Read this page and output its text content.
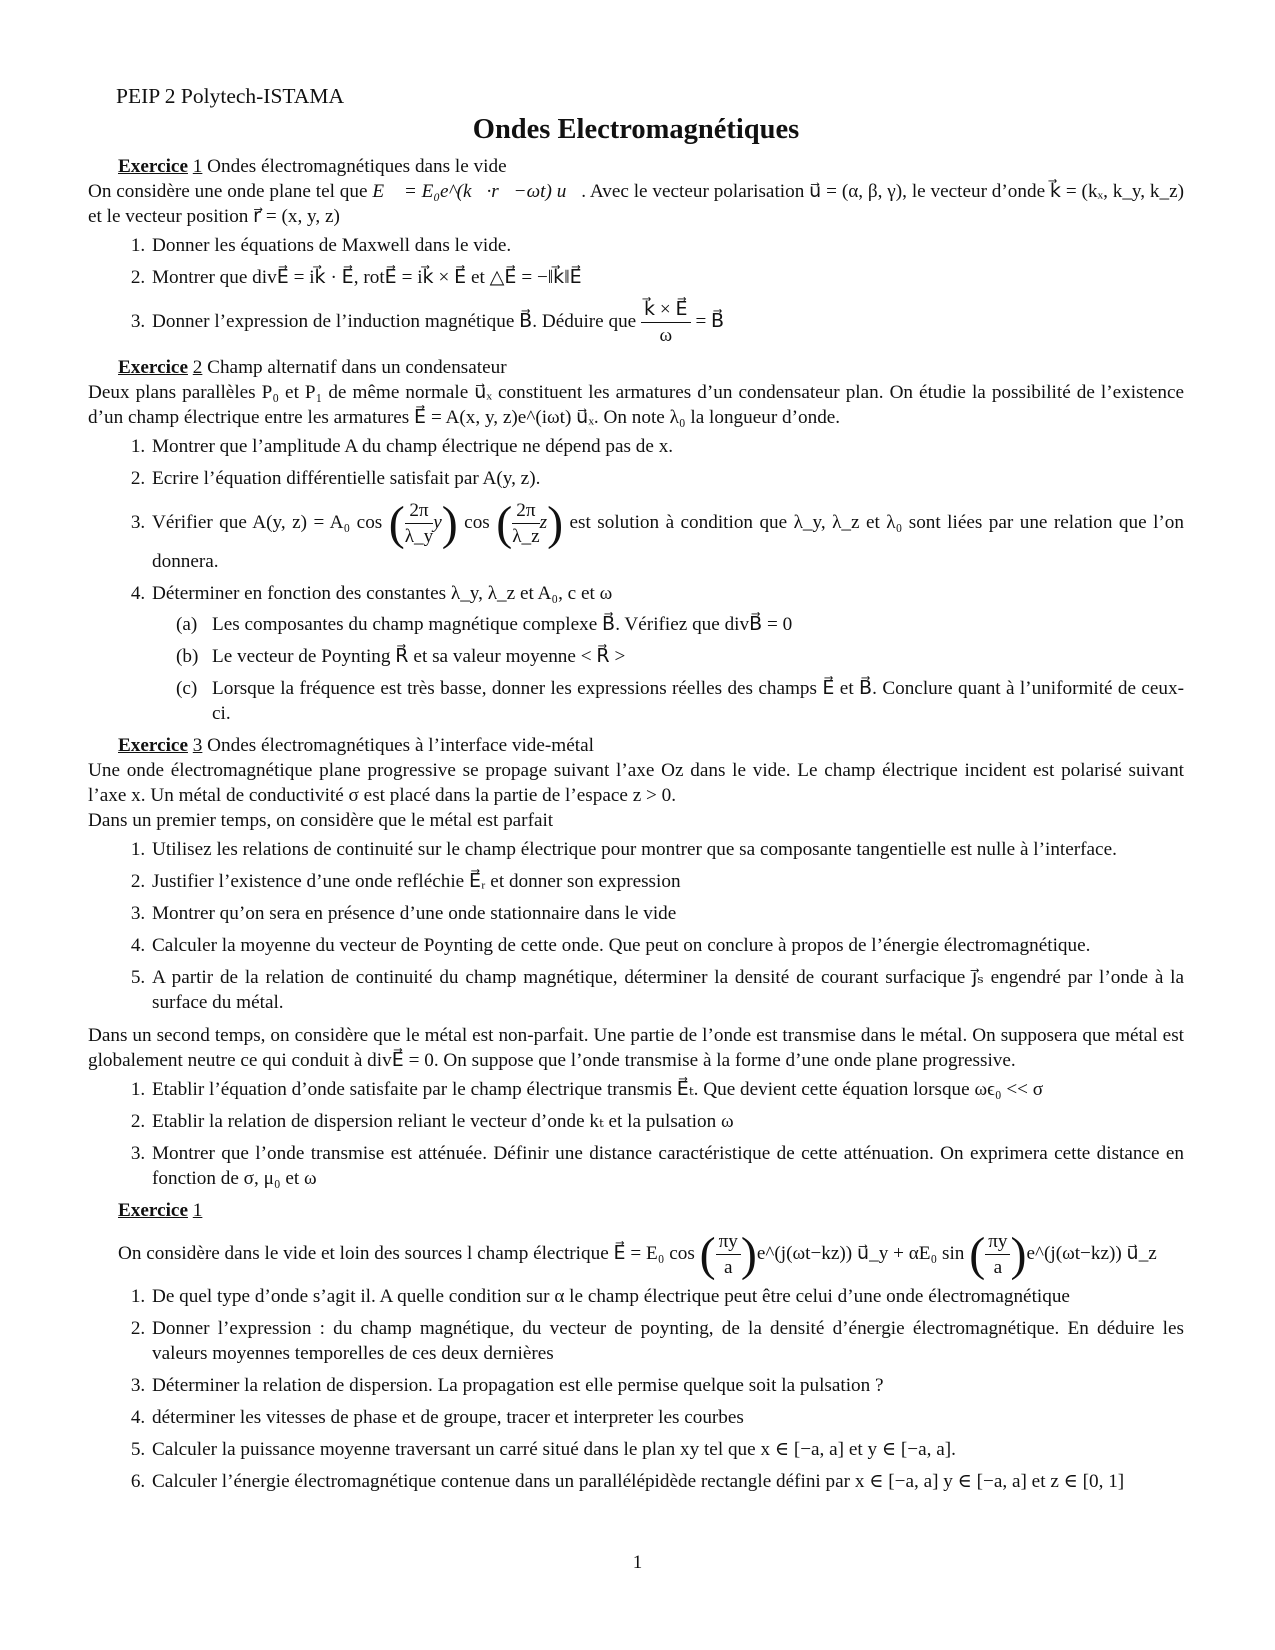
PEIP 2 Polytech-ISTAMA
Ondes Electromagnétiques
Exercice 1 Ondes électromagnétiques dans le vide

On considère une onde plane tel que E⃗ = E₀e^(k⃗·r⃗−ωt) u⃗. Avec le vecteur polarisation u⃗ = (α, β, γ), le vecteur d’onde k⃗ = (kₓ, k_y, k_z) et le vecteur position r⃗ = (x, y, z)

1. Donner les équations de Maxwell dans le vide.
2. Montrer que divE⃗ = ik⃗ · E⃗, rotE⃗ = ik⃗ × E⃗ et △E⃗ = −‖k⃗‖E⃗
3. Donner l’expression de l’induction magnétique B⃗. Déduire que $\frac{k⃗ \times E⃗}{\omega}$ = B⃗
Exercice 2 Champ alternatif dans un condensateur

Deux plans parallèles P₀ et P₁ de même normale u⃗ₓ constituent les armatures d’un condensateur plan. On étudie la possibilité de l’existence d’un champ électrique entre les armatures E⃗ = A(x, y, z)e^(iωt) u⃗ₓ. On note λ₀ la longueur d’onde.

1. Montrer que l’amplitude A du champ électrique ne dépend pas de x.
2. Ecrire l’équation différentielle satisfait par A(y, z).
3. Vérifier que A(y, z) = A₀ cos ( $\frac{2\pi}{\lambda\_y} y$) cos ( $\frac{2\pi}{\lambda\_z} z$) est solution à condition que λ_y, λ_z et λ₀ sont liées par une relation que l’on donnera.
4. Déterminer en fonction des constantes λ_y, λ_z et A₀, c et ω
(a) Les composantes du champ magnétique complexe B⃗. Vérifiez que divB⃗ = 0
(b) Le vecteur de Poynting R⃗ et sa valeur moyenne < R⃗ >
(c) Lorsque la fréquence est très basse, donner les expressions réelles des champs E⃗ et B⃗. Conclure quant à l’uniformité de ceux-ci.
Exercice 3 Ondes électromagnétiques à l’interface vide-métal

Une onde électromagnétique plane progressive se propage suivant l’axe Oz dans le vide. Le champ électrique incident est polarisé suivant l’axe x. Un métal de conductivité σ est placé dans la partie de l’espace z > 0.

Dans un premier temps, on considère que le métal est parfait

1. Utilisez les relations de continuité sur le champ électrique pour montrer que sa composante tangentielle est nulle à l’interface.
2. Justifier l’existence d’une onde refléchie E⃗ᵣ et donner son expression
3. Montrer qu’on sera en présence d’une onde stationnaire dans le vide
4. Calculer la moyenne du vecteur de Poynting de cette onde. Que peut on conclure à propos de l’énergie électromagnétique.
5. A partir de la relation de continuité du champ magnétique, déterminer la densité de courant surfacique j⃗ₛ engendré par l’onde à la surface du métal.

Dans un second temps, on considère que le métal est non-parfait. Une partie de l’onde est transmise dans le métal. On supposera que métal est globalement neutre ce qui conduit à divE⃗ = 0. On suppose que l’onde transmise à la forme d’une onde plane progressive.

1. Etablir l’équation d’onde satisfaite par le champ électrique transmis E⃗ₜ. Que devient cette équation lorsque ωϵ₀ << σ
2. Etablir la relation de dispersion reliant le vecteur d’onde kₜ et la pulsation ω
3. Montrer que l’onde transmise est atténuée. Définir une distance caractéristique de cette atténuation. On exprimera cette distance en fonction de σ, μ₀ et ω
Exercice 1

On considère dans le vide et loin des sources l champ électrique E⃗ = E₀ cos ( $\frac{\pi y}{a}$ )e^(j(ωt−kz)) u⃗_y + αE₀ sin ( $\frac{\pi y}{a}$ )e^(j(ωt−kz)) u⃗_z

1. De quel type d’onde s’agit il. A quelle condition sur α le champ électrique peut être celui d’une onde électromagnétique
2. Donner l’expression : du champ magnétique, du vecteur de poynting, de la densité d’énergie électromagnétique. En déduire les valeurs moyennes temporelles de ces deux dernières
3. Déterminer la relation de dispersion. La propagation est elle permise quelque soit la pulsation ?
4. déterminer les vitesses de phase et de groupe, tracer et interpreter les courbes
5. Calculer la puissance moyenne traversant un carré situé dans le plan xy tel que x ∈ [−a, a] et y ∈ [−a, a].
6. Calculer l’énergie électromagnétique contenue dans un parallélépidède rectangle défini par x ∈ [−a, a] y ∈ [−a, a] et z ∈ [0, 1]
1
